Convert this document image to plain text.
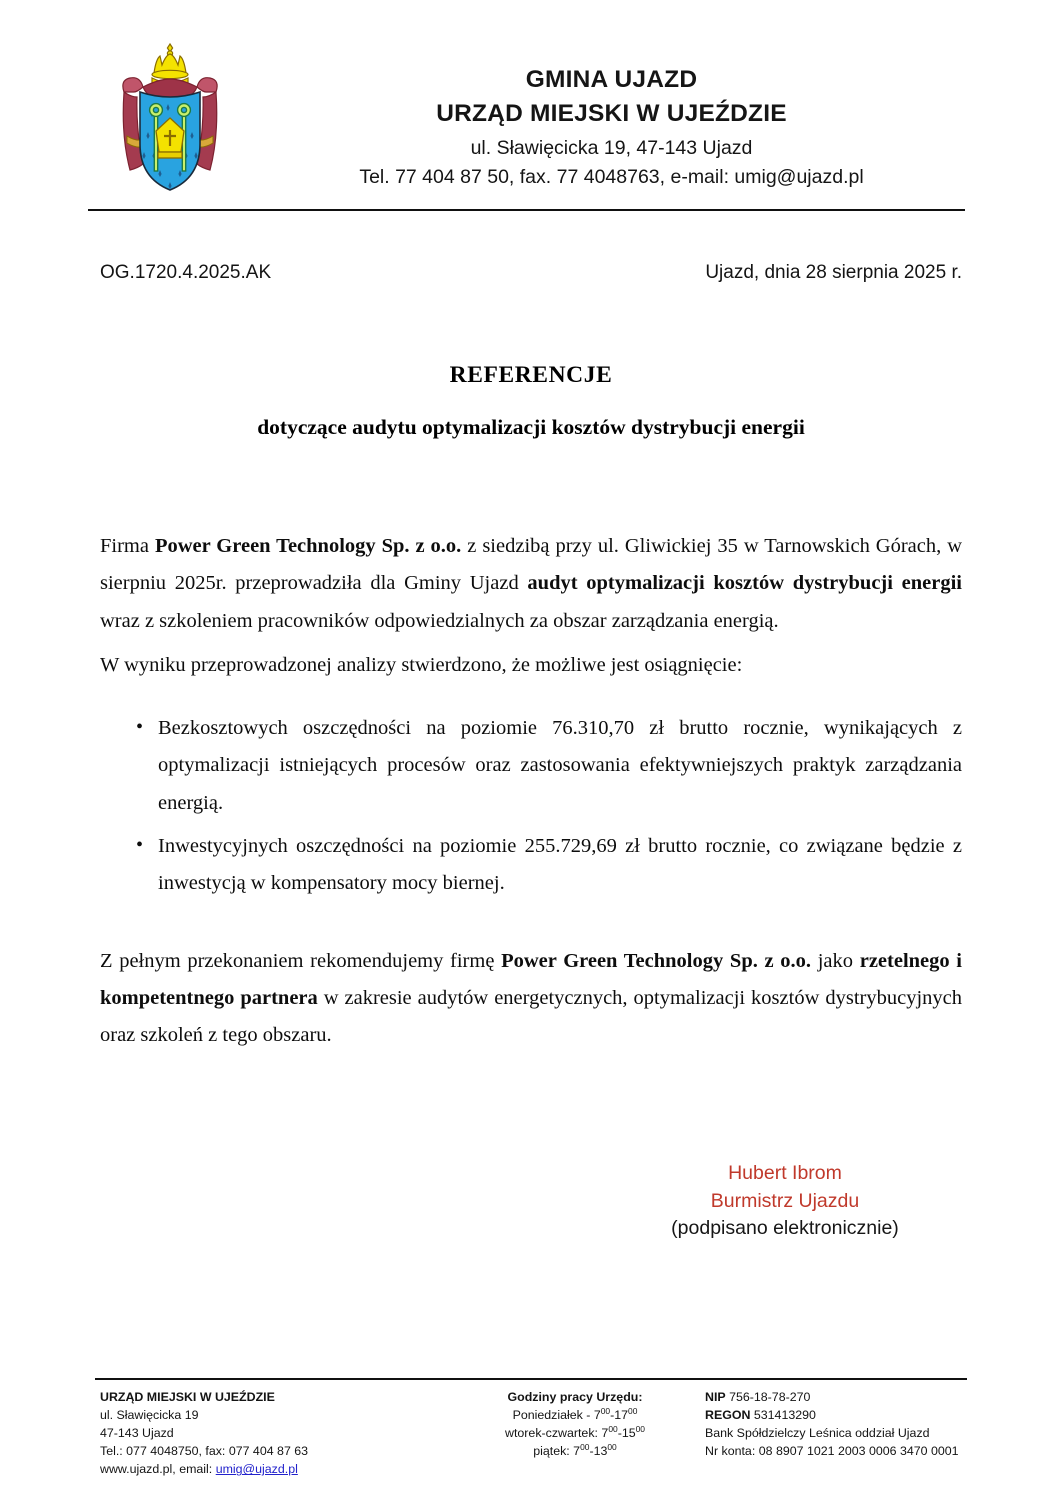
GMINA UJAZD
URZĄD MIEJSKI W UJEŹDZIE
ul. Sławięcicka 19, 47-143 Ujazd
Tel. 77 404 87 50, fax. 77 4048763, e-mail: umig@ujazd.pl
OG.1720.4.2025.AK	Ujazd, dnia 28 sierpnia 2025 r.
REFERENCJE
dotyczące audytu optymalizacji kosztów dystrybucji energii

Firma Power Green Technology Sp. z o.o. z siedzibą przy ul. Gliwickiej 35 w Tarnowskich Górach, w sierpniu 2025r. przeprowadziła dla Gminy Ujazd audyt optymalizacji kosztów dystrybucji energii wraz z szkoleniem pracowników odpowiedzialnych za obszar zarządzania energią.

W wyniku przeprowadzonej analizy stwierdzono, że możliwe jest osiągnięcie:

• Bezkosztowych oszczędności na poziomie 76.310,70 zł brutto rocznie, wynikających z optymalizacji istniejących procesów oraz zastosowania efektywniejszych praktyk zarządzania energią.
• Inwestycyjnych oszczędności na poziomie 255.729,69 zł brutto rocznie, co związane będzie z inwestycją w kompensatory mocy biernej.

Z pełnym przekonaniem rekomendujemy firmę Power Green Technology Sp. z o.o. jako rzetelnego i kompetentnego partnera w zakresie audytów energetycznych, optymalizacji kosztów dystrybucyjnych oraz szkoleń z tego obszaru.

Hubert Ibrom
Burmistrz Ujazdu
(podpisano elektronicznie)
URZĄD MIEJSKI W UJEŹDZIE
ul. Sławięcicka 19
47-143 Ujazd
Tel.: 077 4048750, fax: 077 404 87 63
www.ujazd.pl, email: umig@ujazd.pl
Godziny pracy Urzędu:
Poniedziałek - $7^{00}-17^{00}$
wtorek-czwartek: $7^{00}-15^{00}$
piątek: $7^{00}-13^{00}$
NIP 756-18-78-270
REGON 531413290
Bank Spółdzielczy Leśnica oddział Ujazd
Nr konta: 08 8907 1021 2003 0006 3470 0001
